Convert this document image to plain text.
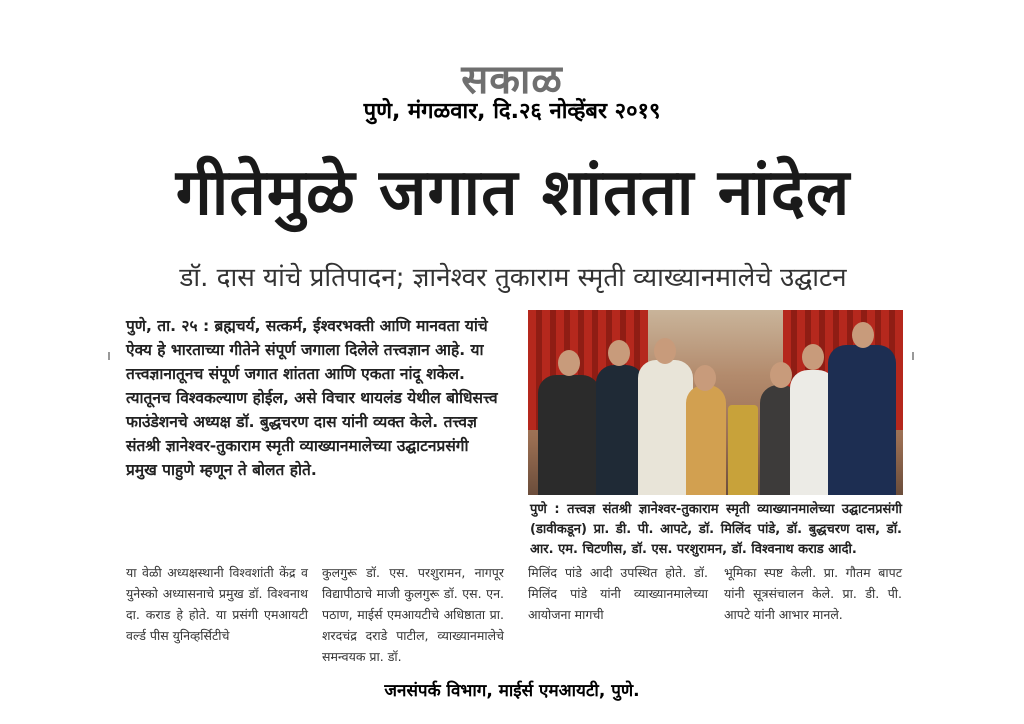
सकाळ
पुणे, मंगळवार, दि.२६ नोव्हेंबर २०१९
गीतेमुळे जगात शांतता नांदेल
डॉ. दास यांचे प्रतिपादन; ज्ञानेश्वर तुकाराम स्मृती व्याख्यानमालेचे उद्घाटन
पुणे, ता. २५ : ब्रह्मचर्य, सत्कर्म, ईश्वरभक्ती आणि मानवता यांचे ऐक्य हे भारताच्या गीतेने संपूर्ण जगाला दिलेले तत्त्वज्ञान आहे. या तत्त्वज्ञानातूनच संपूर्ण जगात शांतता आणि एकता नांदू शकेल. त्यातूनच विश्वकल्याण होईल, असे विचार थायलंड येथील बोधिसत्त्व फाउंडेशनचे अध्यक्ष डॉ. बुद्धचरण दास यांनी व्यक्त केले. तत्त्वज्ञ संतश्री ज्ञानेश्वर-तुकाराम स्मृती व्याख्यानमालेच्या उद्घाटनप्रसंगी प्रमुख पाहुणे म्हणून ते बोलत होते.
पुणे : तत्त्वज्ञ संतश्री ज्ञानेश्वर-तुकाराम स्मृती व्याख्यानमालेच्या उद्घाटनप्रसंगी (डावीकडून) प्रा. डी. पी. आपटे, डॉ. मिलिंद पांडे, डॉ. बुद्धचरण दास, डॉ. आर. एम. चिटणीस, डॉ. एस. परशुरामन, डॉ. विश्वनाथ कराड आदी.
या वेळी अध्यक्षस्थानी विश्वशांती केंद्र व युनेस्को अध्यासनाचे प्रमुख डॉ. विश्वनाथ दा. कराड हे होते. या प्रसंगी एमआयटी वर्ल्ड पीस युनिव्हर्सिटीचे
कुलगुरू डॉ. एस. परशुरामन, नागपूर विद्यापीठाचे माजी कुलगुरू डॉ. एस. एन. पठाण, माईर्स एमआयटीचे अधिष्ठाता प्रा. शरदचंद्र दराडे पाटील, व्याख्यानमालेचे समन्वयक प्रा. डॉ.
मिलिंद पांडे आदी उपस्थित होते. डॉ. मिलिंद पांडे यांनी व्याख्यानमालेच्या आयोजना मागची
भूमिका स्पष्ट केली. प्रा. गौतम बापट यांनी सूत्रसंचालन केले. प्रा. डी. पी. आपटे यांनी आभार मानले.
जनसंपर्क विभाग, माईर्स एमआयटी, पुणे.
